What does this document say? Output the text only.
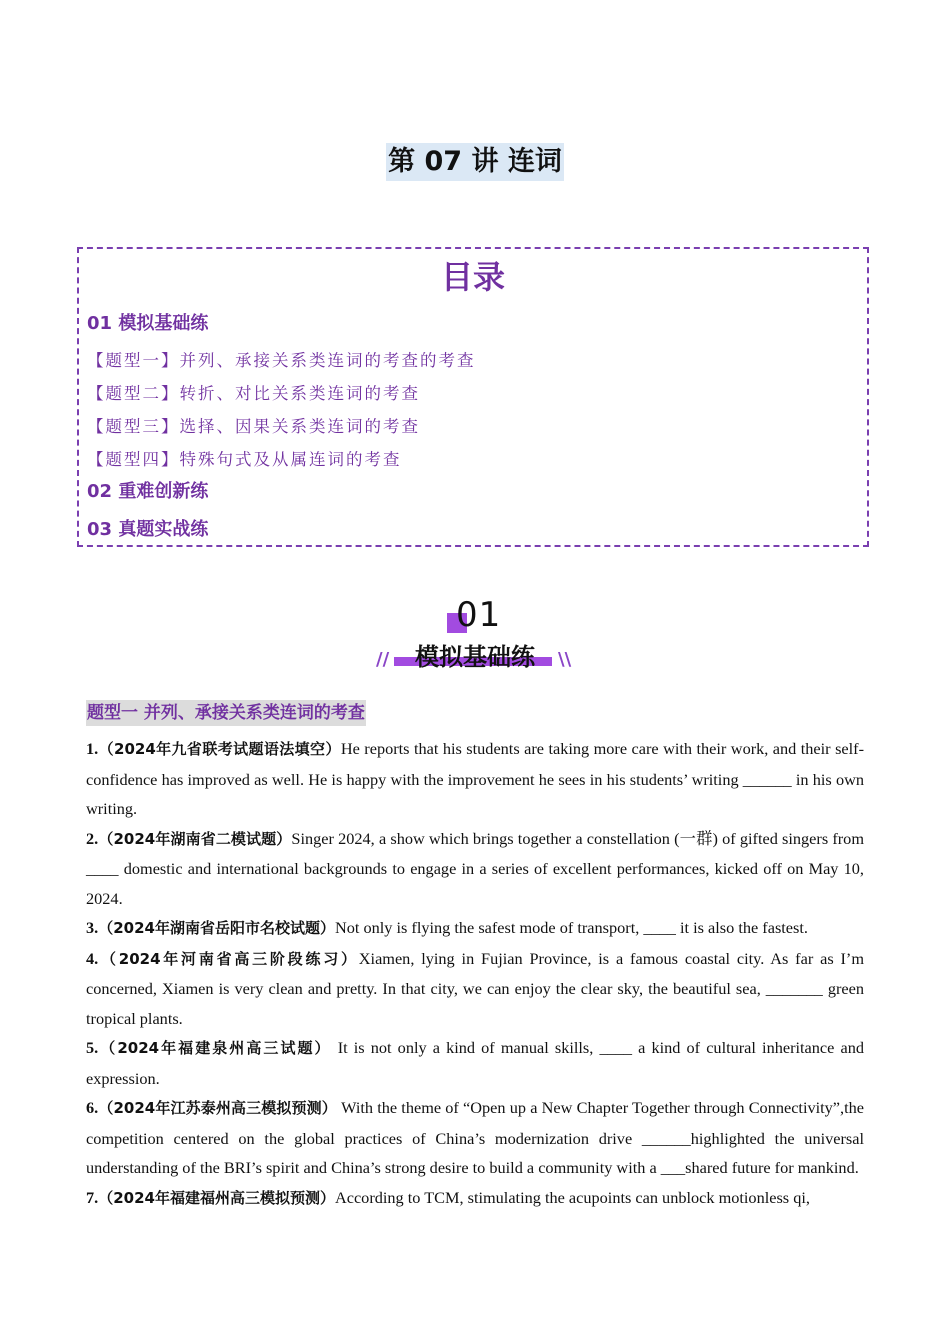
第 07 讲 连词
目录
01 模拟基础练
【题型一】并列、承接关系类连词的考查的考查
【题型二】转折、对比关系类连词的考查
【题型三】选择、因果关系类连词的考查
【题型四】特殊句式及从属连词的考查
02 重难创新练
03 真题实战练
01
//	\\
模拟基础练
题型一 并列、承接关系类连词的考查

1.（2024年九省联考试题语法填空）He reports that his students are taking more care with their work, and their self-confidence has improved as well. He is happy with the improvement he sees in his students’ writing ______ in his own writing.

2.（2024年湖南省二模试题）Singer 2024, a show which brings together a constellation (一群) of gifted singers from ____ domestic and international backgrounds to engage in a series of excellent performances, kicked off on May 10, 2024.

3.（2024年湖南省岳阳市名校试题）Not only is flying the safest mode of transport, ____ it is also the fastest.

4.（2024年河南省高三阶段练习）Xiamen, lying in Fujian Province, is a famous coastal city. As far as I’m concerned, Xiamen is very clean and pretty. In that city, we can enjoy the clear sky, the beautiful sea, _______ green tropical plants.

5.（2024年福建泉州高三试题） It is not only a kind of manual skills, ____ a kind of cultural inheritance and expression.

6.（2024年江苏泰州高三模拟预测） With the theme of “Open up a New Chapter Together through Connectivity”,the competition centered on the global practices of China’s modernization drive ______highlighted the universal understanding of the BRI’s spirit and China’s strong desire to build a community with a ___shared future for mankind.

7.（2024年福建福州高三模拟预测）According to TCM, stimulating the acupoints can unblock motionless qi,
